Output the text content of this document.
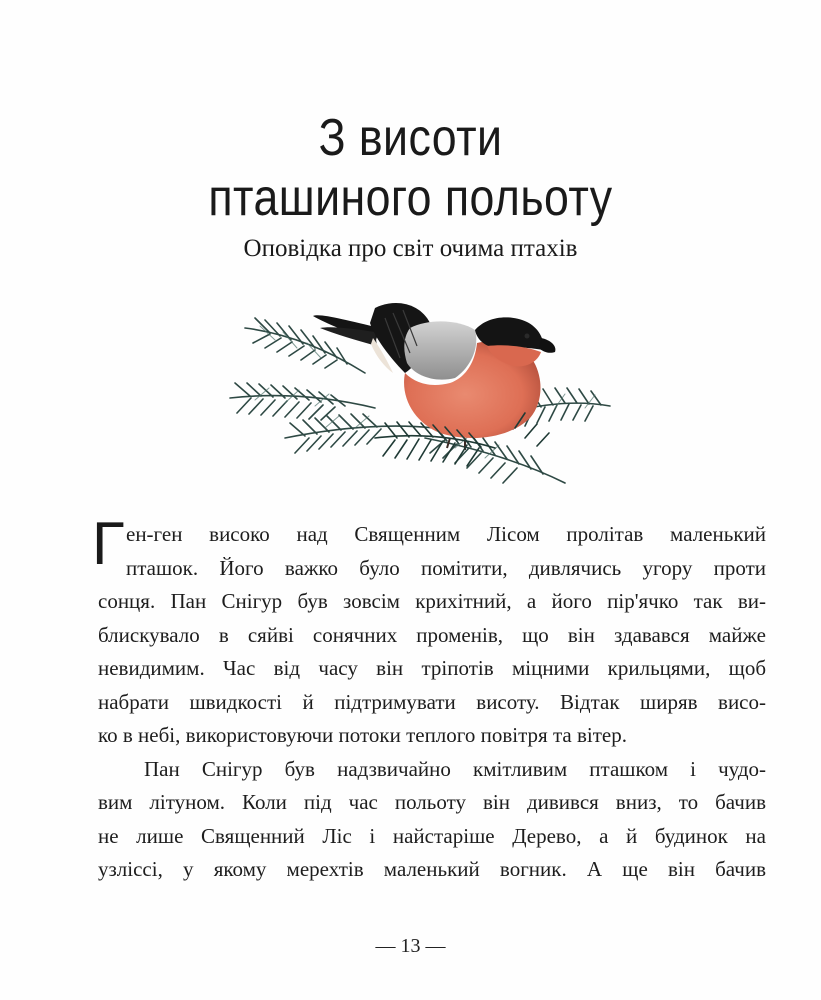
З висоти
пташиного польоту
Оповідка про світ очима птахів

Г ен-ген високо над Священним Лісом пролітав маленький
пташок. Його важко було помітити, дивлячись угору проти
сонця. Пан Снігур був зовсім крихітний, а його пір'ячко так ви-
блискувало в сяйві сонячних променів, що він здавався майже
невидимим. Час від часу він тріпотів міцними крильцями, щоб
набрати швидкості й підтримувати висоту. Відтак ширяв висо-
ко в небі, використовуючи потоки теплого повітря та вітер.

Пан Снігур був надзвичайно кмітливим пташком і чудо-
вим літуном. Коли під час польоту він дивився вниз, то бачив
не лише Священний Ліс і найстаріше Дерево, а й будинок на
узліссі, у якому мерехтів маленький вогник. А ще він бачив

— 13 —
